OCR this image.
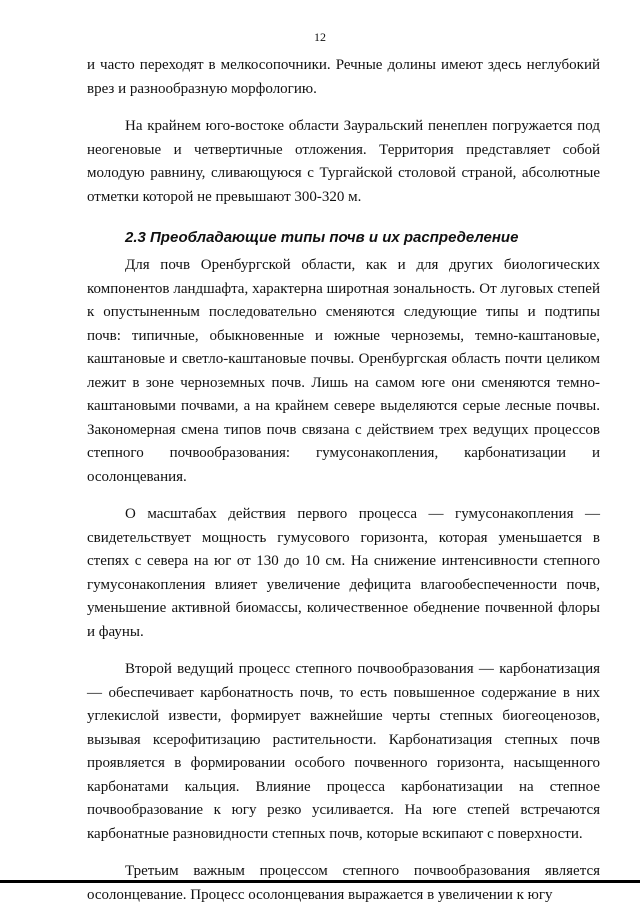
12

и часто переходят в мелкосопочники. Речные долины имеют здесь неглубокий врез и разнообразную морфологию.

На крайнем юго-востоке области Зауральский пенеплен погружается под неогеновые и четвертичные отложения. Территория представляет собой молодую равнину, сливающуюся с Тургайской столовой страной, абсолютные отметки которой не превышают 300-320 м.

2.3 Преобладающие типы почв и их распределение

Для почв Оренбургской области, как и для других биологических компонентов ландшафта, характерна широтная зональность. От луговых степей к опустыненным последовательно сменяются следующие типы и подтипы почв: типичные, обыкновенные и южные черноземы, темно-каштановые, каштановые и светло-каштановые почвы. Оренбургская область почти целиком лежит в зоне черноземных почв. Лишь на самом юге они сменяются темно-каштановыми почвами, а на крайнем севере выделяются серые лесные почвы. Закономерная смена типов почв связана с действием трех ведущих процессов степного почвообразования: гумусонакопления, карбонатизации и осолонцевания.

О масштабах действия первого процесса — гумусонакопления — свидетельствует мощность гумусового горизонта, которая уменьшается в степях с севера на юг от 130 до 10 см. На снижение интенсивности степного гумусонакопления влияет увеличение дефицита влагообеспеченности почв, уменьшение активной биомассы, количественное обеднение почвенной флоры и фауны.

Второй ведущий процесс степного почвообразования — карбонатизация — обеспечивает карбонатность почв, то есть повышенное содержание в них углекислой извести, формирует важнейшие черты степных биогеоценозов, вызывая ксерофитизацию растительности. Карбонатизация степных почв проявляется в формировании особого почвенного горизонта, насыщенного карбонатами кальция. Влияние процесса карбонатизации на степное почвообразование к югу резко усиливается. На юге степей встречаются карбонатные разновидности степных почв, которые вскипают с поверхности.

Третьим важным процессом степного почвообразования является осолонцевание. Процесс осолонцевания выражается в увеличении к югу
